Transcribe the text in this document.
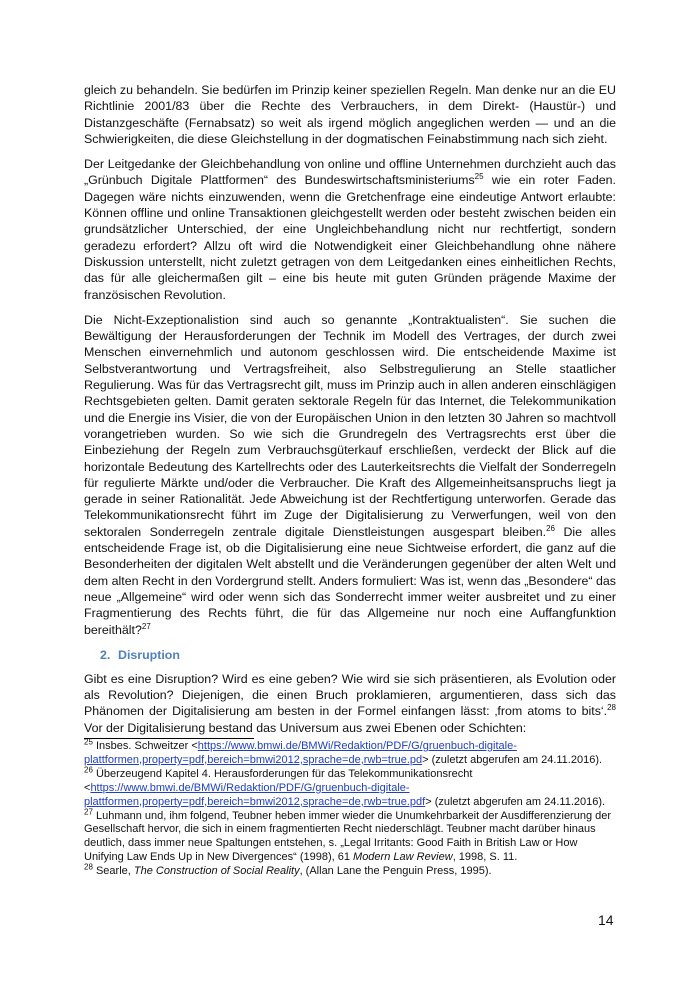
gleich zu behandeln. Sie bedürfen im Prinzip keiner speziellen Regeln. Man denke nur an die EU Richtlinie 2001/83 über die Rechte des Verbrauchers, in dem Direkt- (Haustür-) und Distanzgeschäfte (Fernabsatz) so weit als irgend möglich angeglichen werden — und an die Schwierigkeiten, die diese Gleichstellung in der dogmatischen Feinabstimmung nach sich zieht.

Der Leitgedanke der Gleichbehandlung von online und offline Unternehmen durchzieht auch das „Grünbuch Digitale Plattformen“ des Bundeswirtschaftsministeriums$^{25}$ wie ein roter Faden. Dagegen wäre nichts einzuwenden, wenn die Gretchenfrage eine eindeutige Antwort erlaubte: Können offline und online Transaktionen gleichgestellt werden oder besteht zwischen beiden ein grundsätzlicher Unterschied, der eine Ungleichbehandlung nicht nur rechtfertigt, sondern geradezu erfordert? Allzu oft wird die Notwendigkeit einer Gleichbehandlung ohne nähere Diskussion unterstellt, nicht zuletzt getragen von dem Leitgedanken eines einheitlichen Rechts, das für alle gleichermaßen gilt – eine bis heute mit guten Gründen prägende Maxime der französischen Revolution.

Die Nicht-Exzeptionalistion sind auch so genannte „Kontraktualisten“. Sie suchen die Bewältigung der Herausforderungen der Technik im Modell des Vertrages, der durch zwei Menschen einvernehmlich und autonom geschlossen wird. Die entscheidende Maxime ist Selbstverantwortung und Vertragsfreiheit, also Selbstregulierung an Stelle staatlicher Regulierung. Was für das Vertragsrecht gilt, muss im Prinzip auch in allen anderen einschlägigen Rechtsgebieten gelten. Damit geraten sektorale Regeln für das Internet, die Telekommunikation und die Energie ins Visier, die von der Europäischen Union in den letzten 30 Jahren so machtvoll vorangetrieben wurden. So wie sich die Grundregeln des Vertragsrechts erst über die Einbeziehung der Regeln zum Verbrauchsgüterkauf erschließen, verdeckt der Blick auf die horizontale Bedeutung des Kartellrechts oder des Lauterkeitsrechts die Vielfalt der Sonderregeln für regulierte Märkte und/oder die Verbraucher. Die Kraft des Allgemeinheitsanspruchs liegt ja gerade in seiner Rationalität. Jede Abweichung ist der Rechtfertigung unterworfen. Gerade das Telekommunikationsrecht führt im Zuge der Digitalisierung zu Verwerfungen, weil von den sektoralen Sonderregeln zentrale digitale Dienstleistungen ausgespart bleiben.$^{26}$ Die alles entscheidende Frage ist, ob die Digitalisierung eine neue Sichtweise erfordert, die ganz auf die Besonderheiten der digitalen Welt abstellt und die Veränderungen gegenüber der alten Welt und dem alten Recht in den Vordergrund stellt. Anders formuliert: Was ist, wenn das „Besondere“ das neue „Allgemeine“ wird oder wenn sich das Sonderrecht immer weiter ausbreitet und zu einer Fragmentierung des Rechts führt, die für das Allgemeine nur noch eine Auffangfunktion bereithält?$^{27}$

2. Disruption

Gibt es eine Disruption? Wird es eine geben? Wie wird sie sich präsentieren, als Evolution oder als Revolution? Diejenigen, die einen Bruch proklamieren, argumentieren, dass sich das Phänomen der Digitalisierung am besten in der Formel einfangen lässt: ‚from atoms to bits‘.$^{28}$ Vor der Digitalisierung bestand das Universum aus zwei Ebenen oder Schichten:

$^{25}$ Insbes. Schweitzer <https://www.bmwi.de/BMWi/Redaktion/PDF/G/gruenbuch-digitale-plattformen,property=pdf,bereich=bmwi2012,sprache=de,rwb=true.pd> (zuletzt abgerufen am 24.11.2016).

$^{26}$ Überzeugend Kapitel 4. Herausforderungen für das Telekommunikationsrecht <https://www.bmwi.de/BMWi/Redaktion/PDF/G/gruenbuch-digitale-plattformen,property=pdf,bereich=bmwi2012,sprache=de,rwb=true.pdf> (zuletzt abgerufen am 24.11.2016).

$^{27}$ Luhmann und, ihm folgend, Teubner heben immer wieder die Unumkehrbarkeit der Ausdifferenzierung der Gesellschaft hervor, die sich in einem fragmentierten Recht niederschlägt. Teubner macht darüber hinaus deutlich, dass immer neue Spaltungen entstehen, s. „Legal Irritants: Good Faith in British Law or How Unifying Law Ends Up in New Divergences“ (1998), 61 Modern Law Review, 1998, S. 11.

$^{28}$ Searle, The Construction of Social Reality, (Allan Lane the Penguin Press, 1995).

14
